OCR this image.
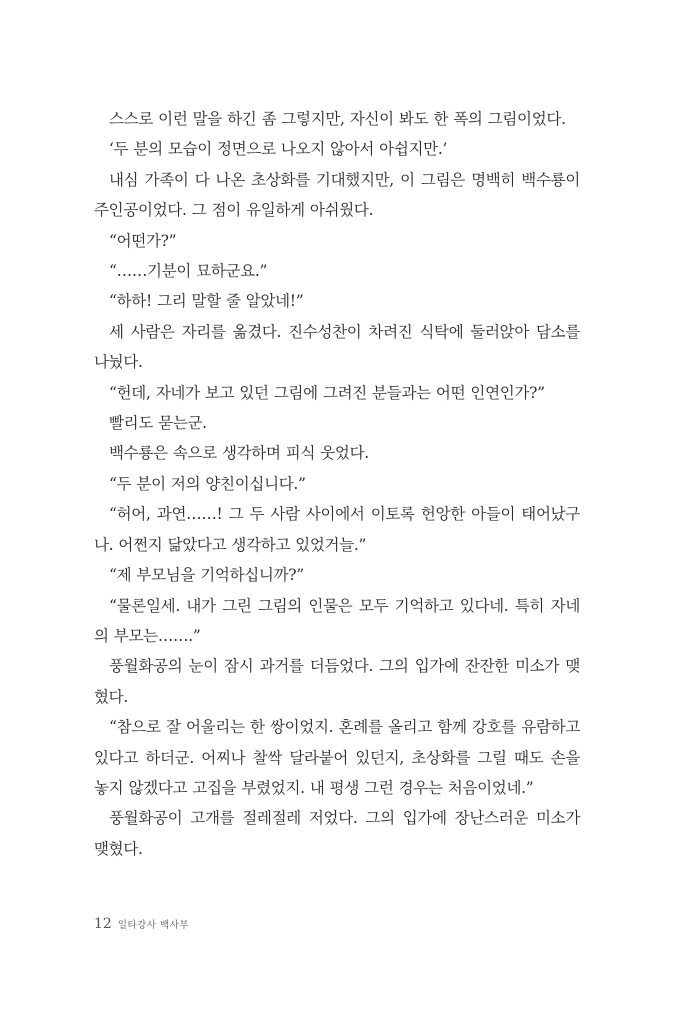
스스로 이런 말을 하긴 좀 그렇지만, 자신이 봐도 한 폭의 그림이었다.

‘두 분의 모습이 정면으로 나오지 않아서 아쉽지만.’

내심 가족이 다 나온 초상화를 기대했지만, 이 그림은 명백히 백수룡이 주인공이었다. 그 점이 유일하게 아쉬웠다.

“어떤가?”

“……기분이 묘하군요.”

“하하! 그리 말할 줄 알았네!”

세 사람은 자리를 옮겼다. 진수성찬이 차려진 식탁에 둘러앉아 담소를 나눴다.

“헌데, 자네가 보고 있던 그림에 그려진 분들과는 어떤 인연인가?”

빨리도 묻는군.

백수룡은 속으로 생각하며 피식 웃었다.

“두 분이 저의 양친이십니다.”

“허어, 과연……! 그 두 사람 사이에서 이토록 헌앙한 아들이 태어났구나. 어쩐지 닮았다고 생각하고 있었거늘.”

“제 부모님을 기억하십니까?”

“물론일세. 내가 그린 그림의 인물은 모두 기억하고 있다네. 특히 자네의 부모는…….”

풍월화공의 눈이 잠시 과거를 더듬었다. 그의 입가에 잔잔한 미소가 맺혔다.

“참으로 잘 어울리는 한 쌍이었지. 혼례를 올리고 함께 강호를 유람하고 있다고 하더군. 어찌나 찰싹 달라붙어 있던지, 초상화를 그릴 때도 손을 놓지 않겠다고 고집을 부렸었지. 내 평생 그런 경우는 처음이었네.”

풍월화공이 고개를 절레절레 저었다. 그의 입가에 장난스러운 미소가 맺혔다.

12 일타강사 백사부
